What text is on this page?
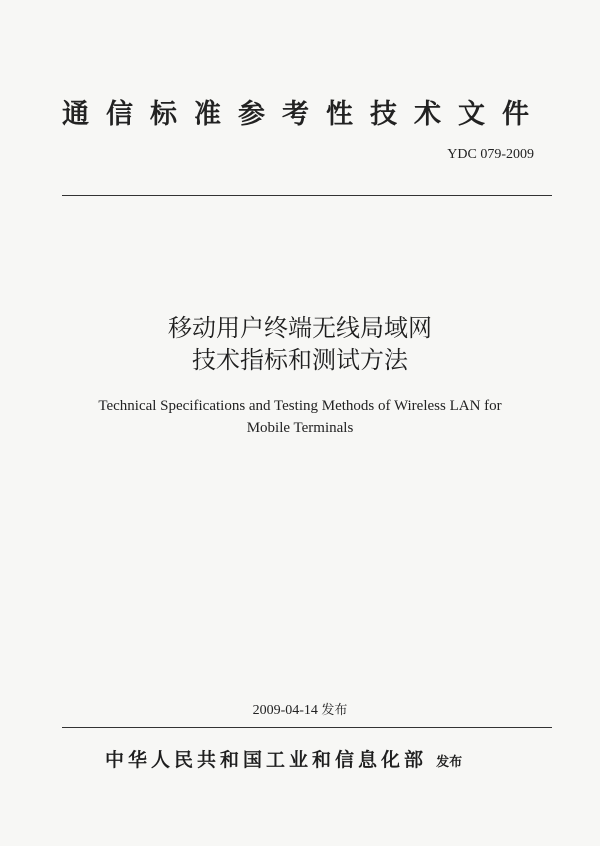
通信标准参考性技术文件
YDC 079-2009
移动用户终端无线局域网
技术指标和测试方法
Technical Specifications and Testing Methods of Wireless LAN for
Mobile Terminals
2009-04-14 发布
中华人民共和国工业和信息化部 发布
